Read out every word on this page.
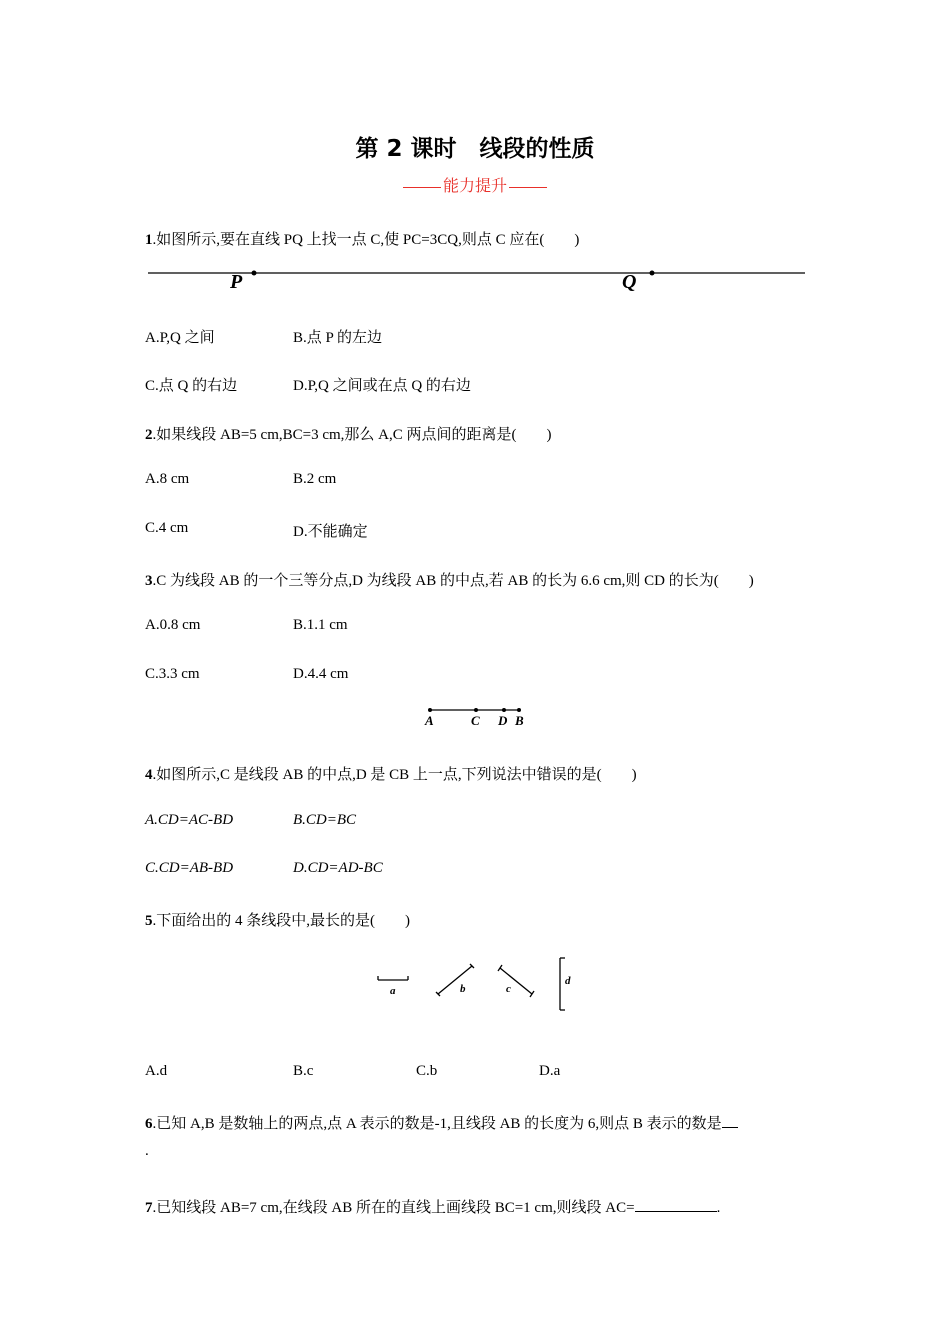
第 2 课时　线段的性质
能力提升
1.如图所示,要在直线 PQ 上找一点 C,使 PC=3CQ,则点 C 应在(　　)
P	Q
A.P,Q 之间	B.点 P 的左边
C.点 Q 的右边	D.P,Q 之间或在点 Q 的右边
2.如果线段 AB=5 cm,BC=3 cm,那么 A,C 两点间的距离是(　　)
A.8 cm	B.2 cm
C.4 cm	D.不能确定
3.C 为线段 AB 的一个三等分点,D 为线段 AB 的中点,若 AB 的长为 6.6 cm,则 CD 的长为(　　)
A.0.8 cm	B.1.1 cm
C.3.3 cm	D.4.4 cm
A	C D B
4.如图所示,C 是线段 AB 的中点,D 是 CB 上一点,下列说法中错误的是(　　)
A.CD=AC-BD	B.CD=BC
C.CD=AB-BD	D.CD=AD-BC
5.下面给出的 4 条线段中,最长的是(　　)
a	b	c
d
A.d	B.c	C.b	D.a
6.已知 A,B 是数轴上的两点,点 A 表示的数是-1,且线段 AB 的长度为 6,则点 B 表示的数是
.
7.已知线段 AB=7 cm,在线段 AB 所在的直线上画线段 BC=1 cm,则线段 AC=	.
